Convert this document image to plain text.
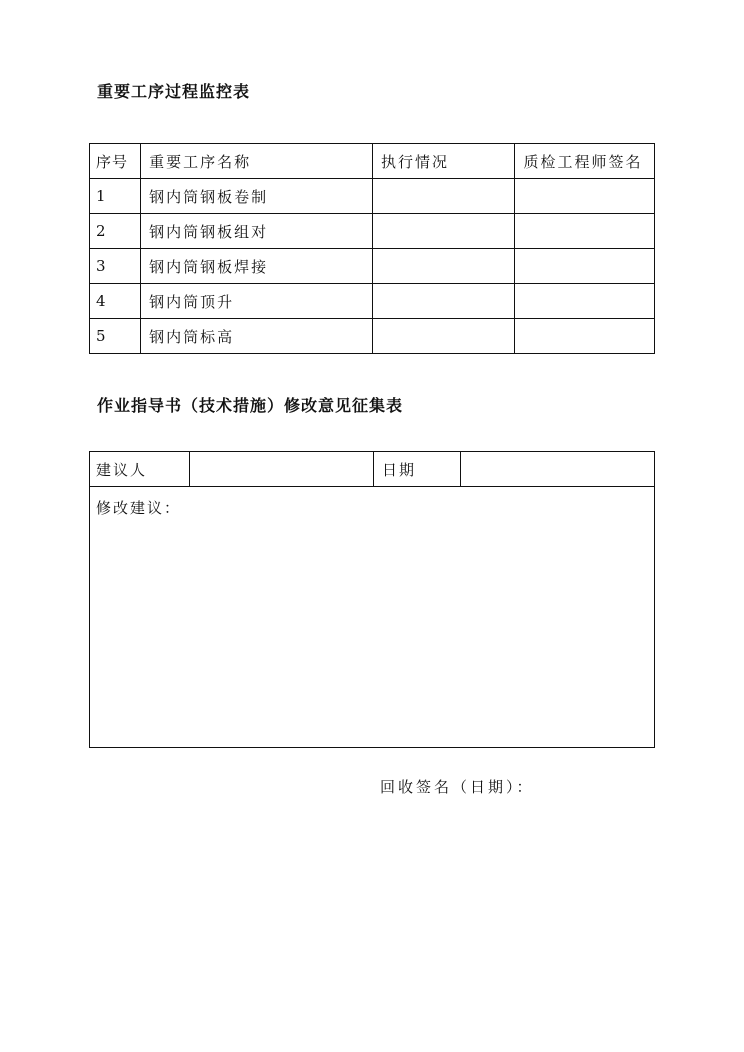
重要工序过程监控表
序号	重要工序名称	执行情况	质检工程师签名
1	钢内筒钢板卷制		
2	钢内筒钢板组对		
3	钢内筒钢板焊接		
4	钢内筒顶升		
5	钢内筒标高		
作业指导书（技术措施）修改意见征集表
建议人		日期	
修改建议：
回收签名（日期）：
